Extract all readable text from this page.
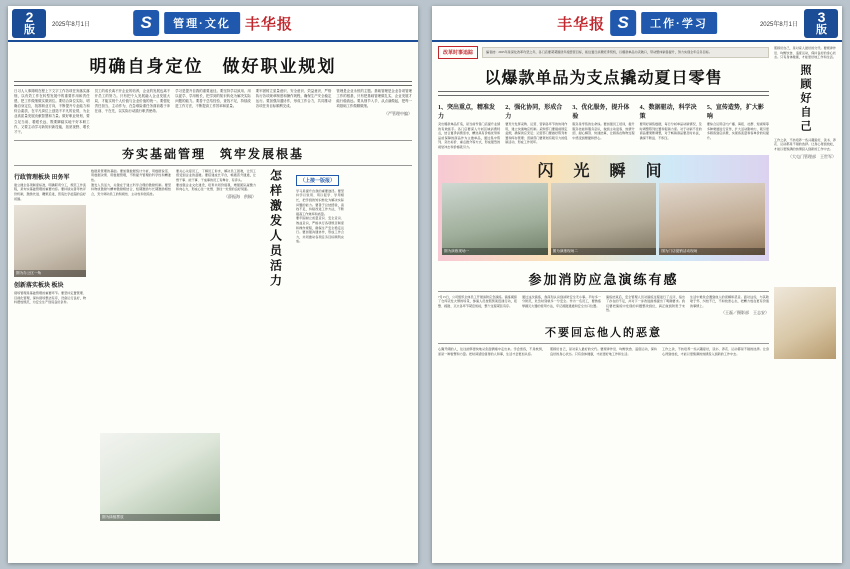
2
版	2025年8月1日 S	管理·文化 丰华报
明确自身定位　做好职业规划
日习人入事简明在程上下文字工作各项任务落实落细，以有效工作在转型发展中的重要作用和责任感，把工作做细做实做到位。要结合岗位实际，明确自身定位，找准职业方向，不断提升专业能力和综合素质，在平凡岗位上创造不平凡的业绩，为企业高质量发展贡献智慧和力量。做好职业规划，要立足当前、着眼长远，既要脚踏实地干好本职工作，又要主动学习新知识新技能，拓宽视野、增长才干。
员工的成长离不开企业的培养，企业的发展也离不开员工的努力。只有把个人发展融入企业发展大局，才能实现个人价值与企业价值的统一。要强化责任担当，主动作为，在急难险重任务面前敢于冲在前、干在先，以实际行动践行职责使命。
学习是提升自我的重要途径。要坚持学以致用、用以促学、学用相长，把学到的知识转化为解决实际问题的能力。要善于总结经验，查找不足，持续改进工作方法，不断提高工作效率和质量。
要牢固树立质量意识、安全意识、效益意识，严格执行各项规章制度和操作规程，确保生产安全稳定运行。要加强沟通协作，形成工作合力，共同推动各项任务目标顺利完成。
管理是企业永恒的主题。基础管理是企业各项管理工作的根基，只有把基础管理做扎实，企业发展才能行稳致远。要从细节入手，从点滴做起，把每一项基础工作做精做细。
（严管理中编）
夯实基础管理　筑牢发展根基
行政管理板块 田务军
建立健全各项制度标准，明确职责分工，规范工作流程，是夯实基础管理的重要内容。要持续完善考核评价机制，激励先进、鞭策后进，营造比学赶超的良好氛围。
图为办公区一角
创新落实板块 板块
现场管理是基础管理的重要环节。要坚持定置管理、目视化管理，保持现场整洁有序，设备运行良好，物料摆放规范，为安全生产创造良好条件。
数据是管理的基础。要加强数据统计分析，用数据说话、用数据决策、用数据管理，不断提升管理的科学性和精准性。
激发人员活力，关键在于建立科学合理的激励机制。要坚持物质激励与精神激励相结合，短期激励与长期激励相结合，充分调动员工的积极性、主动性和创造性。
要关心关爱员工，了解员工诉求，解决员工困难，让员工感受到企业的温暖。要搭建成长平台，畅通晋升通道，让想干事、能干事、干成事的员工有舞台、有奔头。
要加强企业文化建设，培育共同价值观，增强团队凝聚力和向心力，形成心往一处想、劲往一处使的良好局面。
（薛振海　供稿） 怎样激发人员活力	（上接一版报）
学习是提升自我的重要途径。要坚持学以致用、用以促学、学用相长，把学到的知识转化为解决实际问题的能力。要善于总结经验，查找不足，持续改进工作方法，不断提高工作效率和质量。
要牢固树立质量意识、安全意识、效益意识，严格执行各项规章制度和操作规程，确保生产安全稳定运行。要加强沟通协作，形成工作合力，共同推动各项任务目标顺利完成。
图为绿植摆放
3
版
2025年8月1日
丰华报 S	工作·学习
改革时事追踪	编者按：2025年是深化改革攻坚之年，各门店要紧紧围绕年度经营目标，抓住夏日消费旺季契机，以爆款单品为突破口，带动整体销售提升，努力实现全年任务目标。
以爆款单品为支点撬动夏日零售
1、突出重点，精准发力
突出爆款单品打造，是当前零售门店提升业绩的有效抓手。各门店要深入分析区域消费特点，结合夏季消费需求，精选具有价格优势和品质保障的商品作为主推单品，通过集中陈列、突出标价、重点推介等方式，形成强烈的视觉冲击和价格吸引力。
2、强化协同，形成合力
要充分发挥采购、运营、营销各环节的协同作用，建立快速响应机制。采购部门要提前锁定货源，确保供应充足；运营部门要做好陈列布置和库存管理；营销部门要策划有吸引力的促销活动，形成工作闭环。
3、优化服务，提升体验
服务是零售的生命线。要加强员工培训，提升服务技能和服务意识，做到主动迎客、热情介绍、耐心解答、快速结算，让顾客在购物过程中感受到便捷和舒心。
4、数据驱动，科学决策
要用好销售数据，每日分析单品动销情况，及时调整陈列位置和促销力度。对于动销不佳的商品要果断调整，对于畅销商品要及时补货，确保不断货、不积压。
5、宣传造势，扩大影响
要综合运用店内广播、海报、社群、短视频等多种渠道进行宣传，扩大活动影响力，吸引更多顾客到店消费，实现客流量和客单价的双提升。
闪 光 瞬 间
图为演练现场一	图为演练现场二	图为门店促销活动现场
参加消防应急演练有感
7月15日，公司组织全体员工开展消防应急演练。演练模拟了仓库突发火情的场景，参演人员按照预案迅速行动，报警、疏散、灭火各环节紧密衔接，整个过程紧张有序。
通过这次演练，我深刻认识到消防安全无小事。平时多一分防范，危急时刻就多一分安全。作为一名员工，要熟练掌握灭火器的使用方法，牢记疏散通道和安全出口位置。
演练结束后，安全管理人员对演练过程进行了点评，指出了存在的不足，并对下一步改进措施提出了明确要求。我们要把演练中发现的问题整改到位，真正做到防患于未然。
生活中难免会遇到他人的误解和恶意。面对这些，与其耿耿于怀、纠结不已，不如放宽心态，把精力放在更有价值的事情上。
（王磊／摄影部　王志安）
不要回忘他人的恶意
心胸开阔的人，往往能够更快地从负面情绪中走出来。学会宽容，不是软弱，而是一种智慧和力量。把时间留给值得的人和事，生活才会更加从容。
照顾好自己，是对家人最好的交代。要规律作息、均衡饮食、适度运动，保持良好的身心状态。只有身体健康，才能更好地工作和生活。
工作之余，不妨培养一些兴趣爱好，读书、养花、运动都是不错的选择。让身心得到放松，才能以更饱满的热情投入到新的工作中去。
照顾好自己，是对家人最好的交代。要规律作息、均衡饮食、适度运动，保持良好的身心状态。只有身体健康，才能更好地工作和生活。
照顾好自己
工作之余，不妨培养一些兴趣爱好，读书、养花、运动都是不错的选择。让身心得到放松，才能以更饱满的热情投入到新的工作中去。
（大屯门管理部　王世军）
